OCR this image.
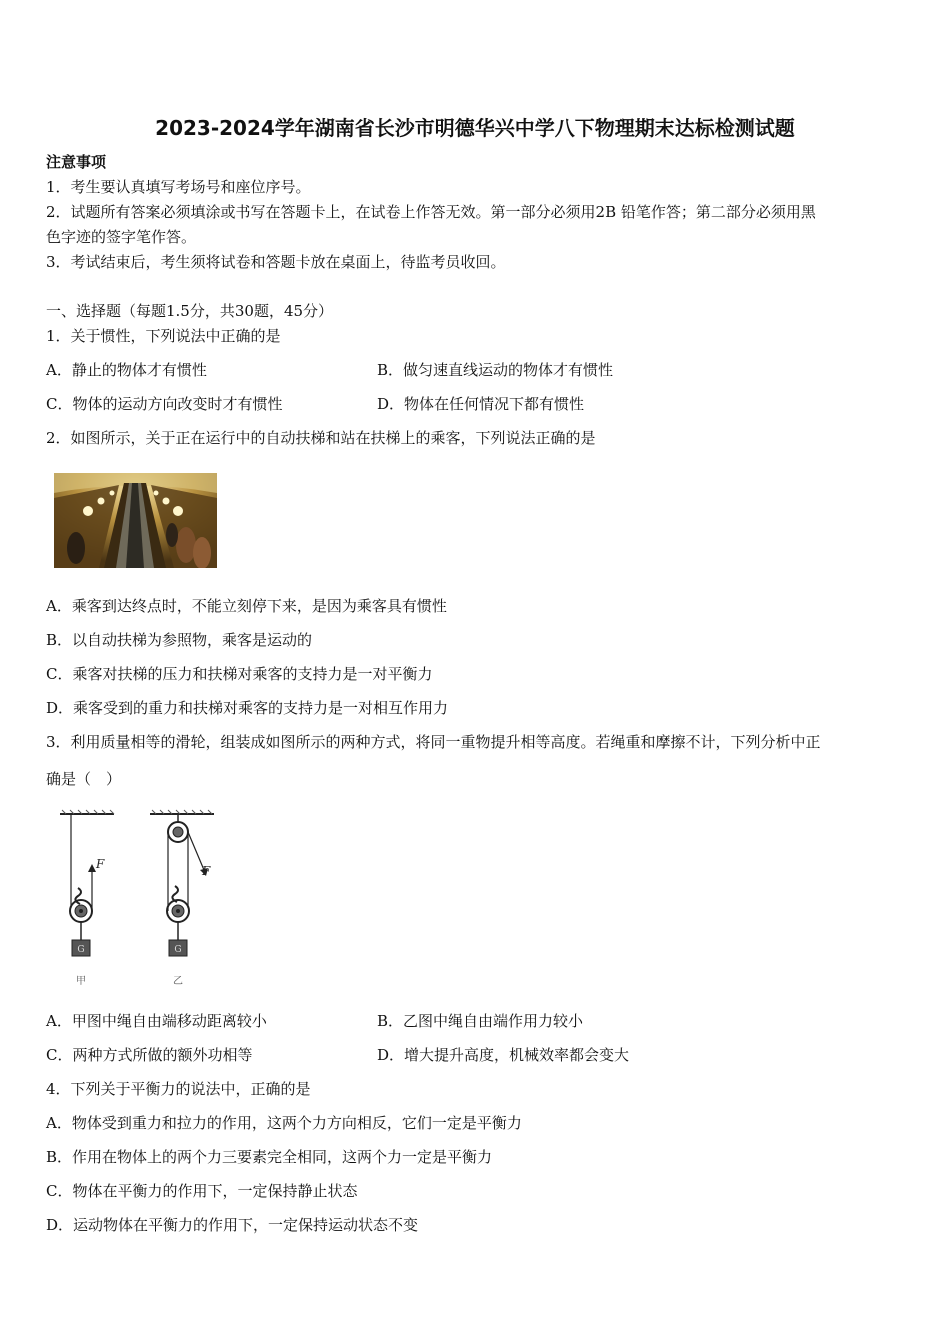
2023-2024学年湖南省长沙市明德华兴中学八下物理期末达标检测试题
注意事项
1．考生要认真填写考场号和座位序号。
2．试题所有答案必须填涂或书写在答题卡上，在试卷上作答无效。第一部分必须用2B 铅笔作答；第二部分必须用黑
色字迹的签字笔作答。
3．考试结束后，考生须将试卷和答题卡放在桌面上，待监考员收回。
一、选择题（每题1.5分，共30题，45分）
1．关于惯性，下列说法中正确的是
A．静止的物体才有惯性	B．做匀速直线运动的物体才有惯性
C．物体的运动方向改变时才有惯性	D．物体在任何情况下都有惯性
2．如图所示，关于正在运行中的自动扶梯和站在扶梯上的乘客，下列说法正确的是
A．乘客到达终点时，不能立刻停下来，是因为乘客具有惯性
B．以自动扶梯为参照物，乘客是运动的
C．乘客对扶梯的压力和扶梯对乘客的支持力是一对平衡力
D．乘客受到的重力和扶梯对乘客的支持力是一对相互作用力
3．利用质量相等的滑轮，组装成如图所示的两种方式，将同一重物提升相等高度。若绳重和摩擦不计，下列分析中正
确是（　）
F
G
甲
F
G
乙
A．甲图中绳自由端移动距离较小	B．乙图中绳自由端作用力较小
C．两种方式所做的额外功相等	D．增大提升高度，机械效率都会变大
4．下列关于平衡力的说法中，正确的是
A．物体受到重力和拉力的作用，这两个力方向相反，它们一定是平衡力
B．作用在物体上的两个力三要素完全相同，这两个力一定是平衡力
C．物体在平衡力的作用下，一定保持静止状态
D．运动物体在平衡力的作用下，一定保持运动状态不变
